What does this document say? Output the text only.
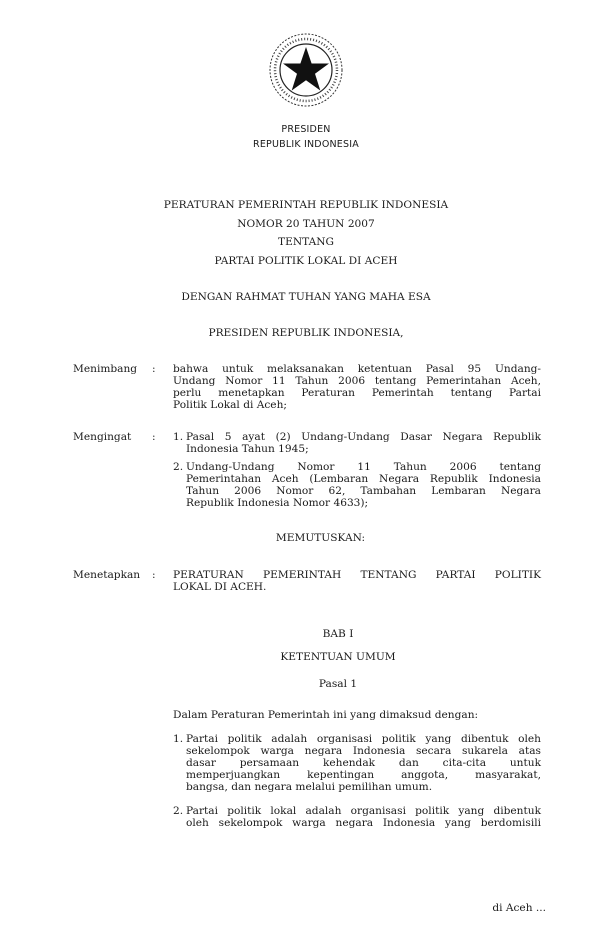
PRESIDEN
REPUBLIK INDONESIA
PERATURAN PEMERINTAH REPUBLIK INDONESIA
NOMOR 20 TAHUN 2007
TENTANG
PARTAI POLITIK LOKAL DI ACEH
DENGAN RAHMAT TUHAN YANG MAHA ESA
PRESIDEN REPUBLIK INDONESIA,
Menimbang : bahwa untuk melaksanakan ketentuan Pasal 95 Undang-
Undang Nomor 11 Tahun 2006 tentang Pemerintahan Aceh,
perlu menetapkan Peraturan Pemerintah tentang Partai
Politik Lokal di Aceh;
Mengingat : 1. Pasal 5 ayat (2) Undang-Undang Dasar Negara Republik
Indonesia Tahun 1945;
2. Undang-Undang Nomor 11 Tahun 2006 tentang
Pemerintahan Aceh (Lembaran Negara Republik Indonesia
Tahun 2006 Nomor 62, Tambahan Lembaran Negara
Republik Indonesia Nomor 4633);
MEMUTUSKAN:
Menetapkan : PERATURAN PEMERINTAH TENTANG PARTAI POLITIK
LOKAL DI ACEH.
BAB I
KETENTUAN UMUM
Pasal 1
Dalam Peraturan Pemerintah ini yang dimaksud dengan:
1. Partai politik adalah organisasi politik yang dibentuk oleh
sekelompok warga negara Indonesia secara sukarela atas
dasar persamaan kehendak dan cita-cita untuk
memperjuangkan kepentingan anggota, masyarakat,
bangsa, dan negara melalui pemilihan umum.
2. Partai politik lokal adalah organisasi politik yang dibentuk
oleh sekelompok warga negara Indonesia yang berdomisili
di Aceh ...
